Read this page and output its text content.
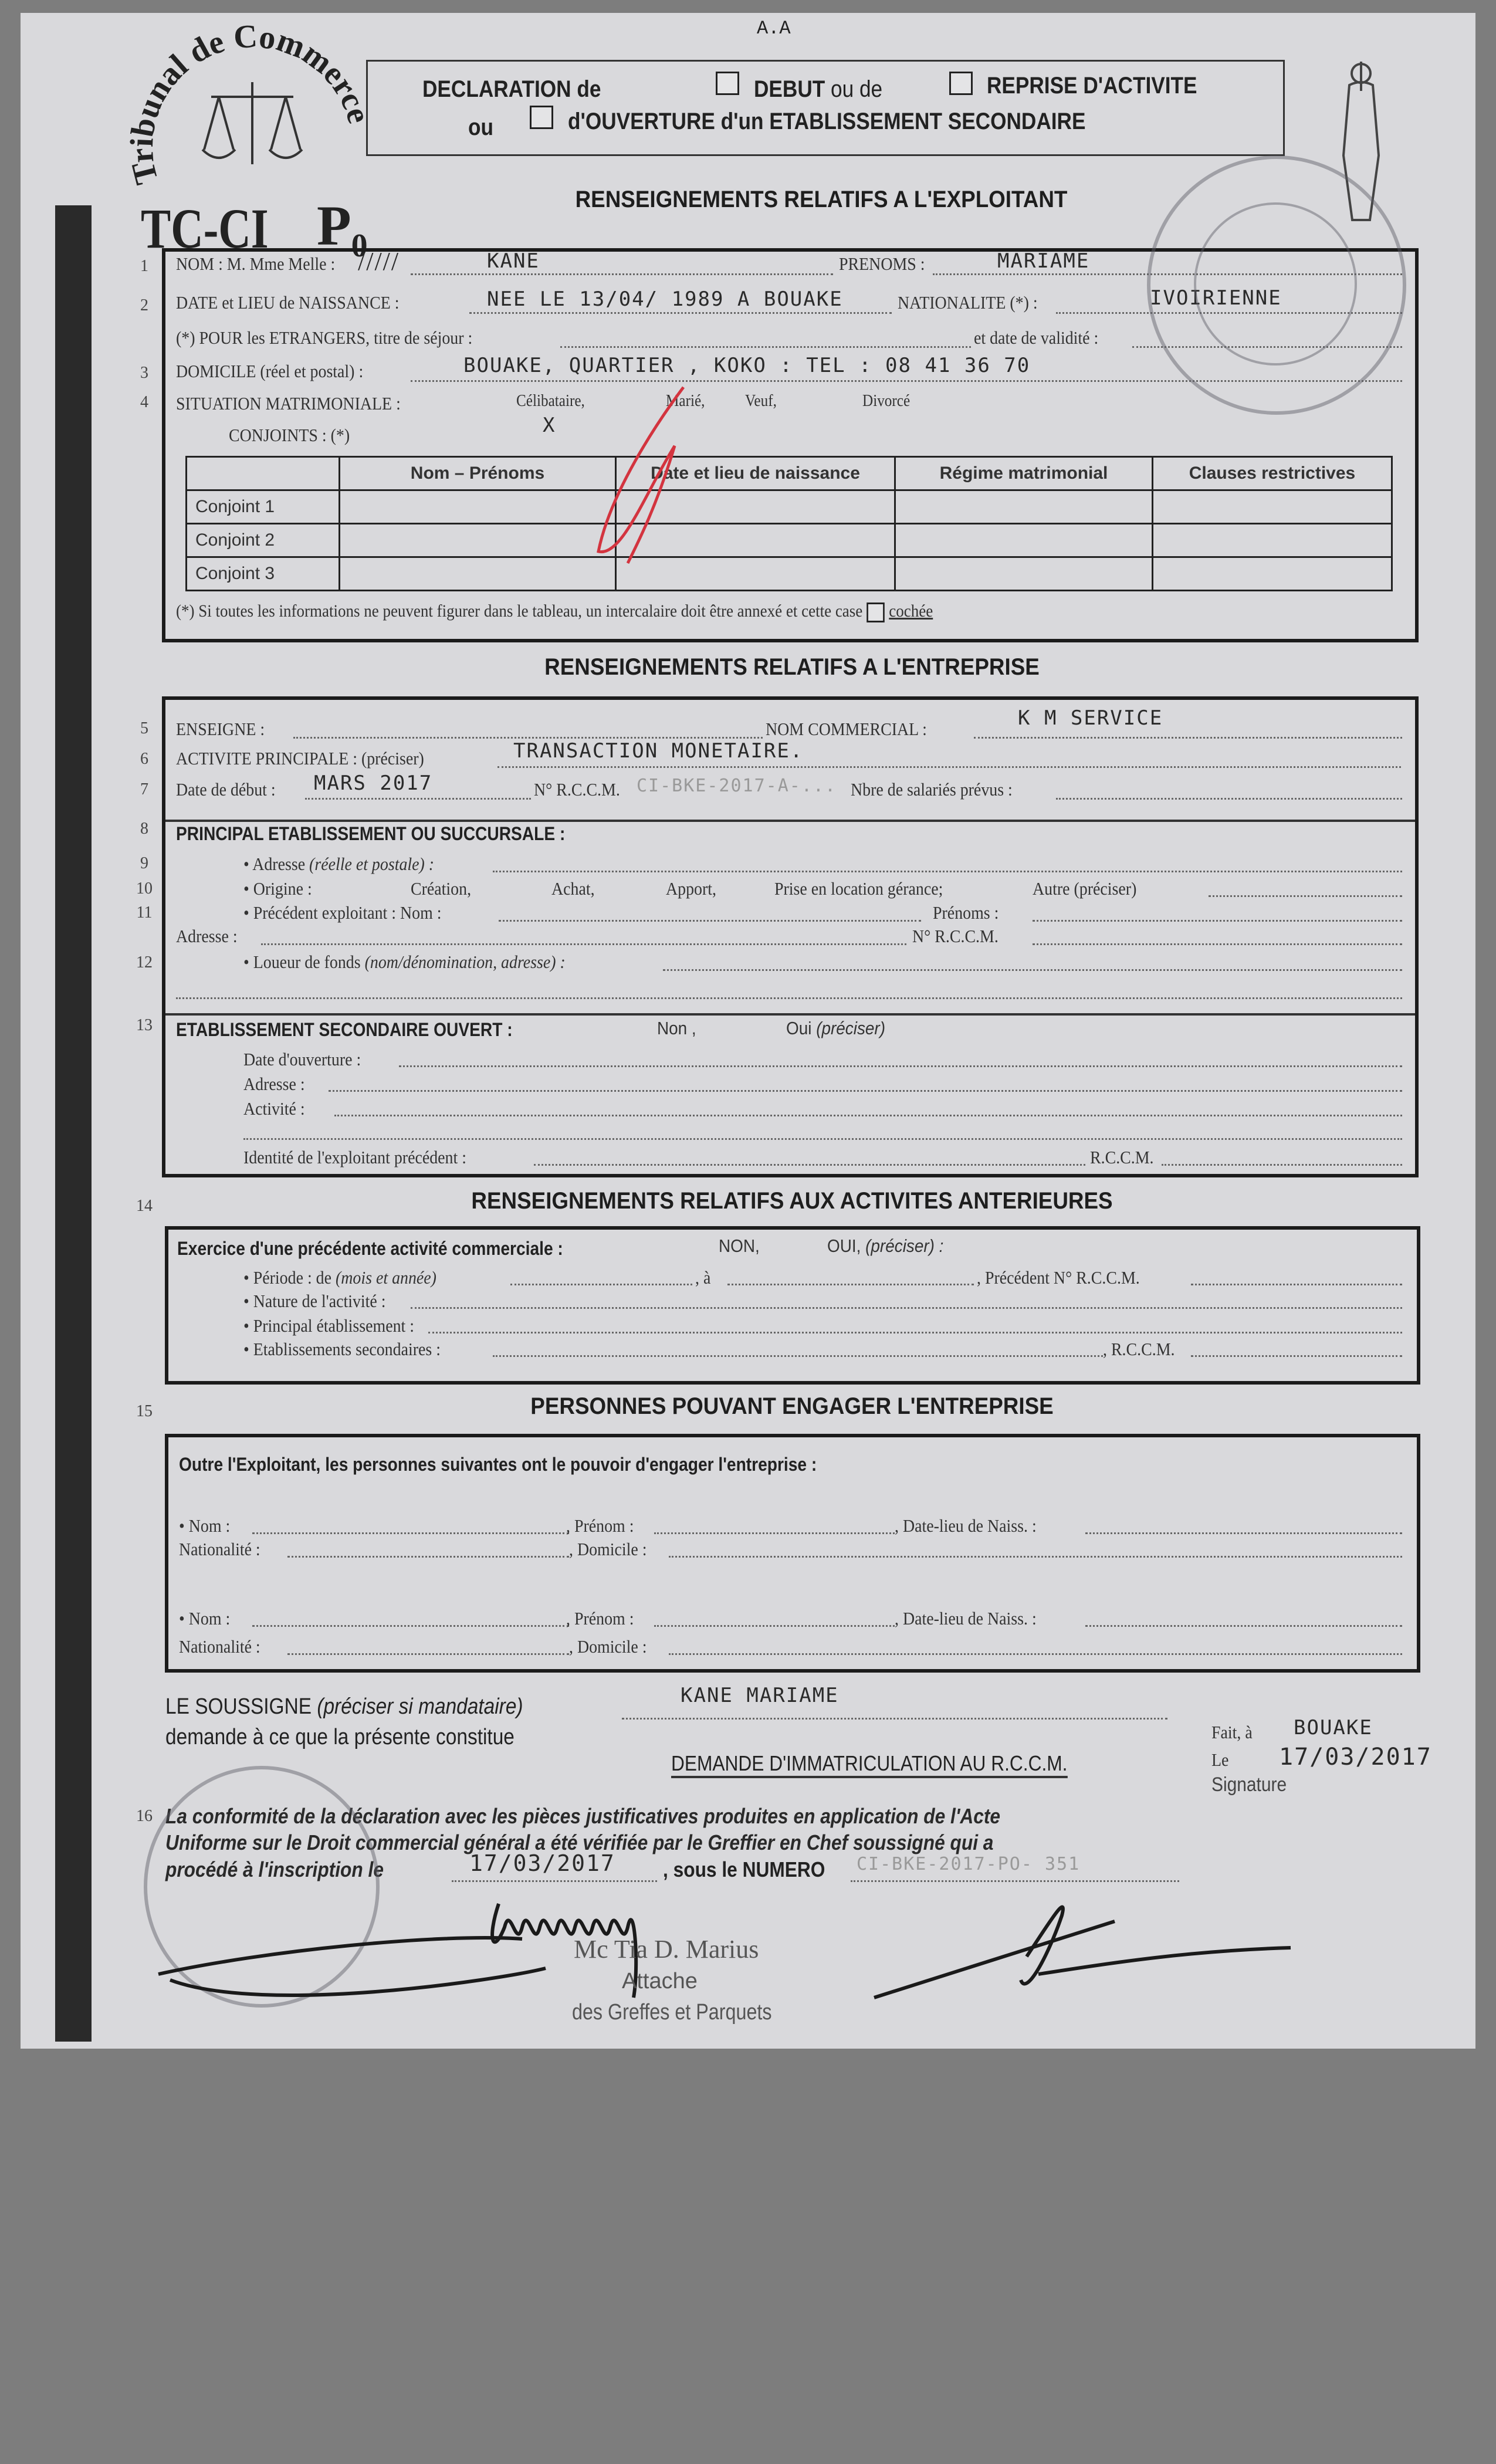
1
2
3
4
5
6
7
8
9
10
11
12
13
14
15
16
A.A
Tribunal de Commerce
TC-CI $P_0$
DECLARATION de	DEBUT ou de	REPRISE D'ACTIVITE
ou	d'OUVERTURE d'un ETABLISSEMENT SECONDAIRE
RENSEIGNEMENTS RELATIFS A L'EXPLOITANT
NOM : M. Mme Melle : /////	KANE	PRENOMS :	MARIAME
DATE et LIEU de NAISSANCE :	NEE LE 13/04/ 1989 A BOUAKE	NATIONALITE (*) :	IVOIRIENNE
(*) POUR les ETRANGERS, titre de séjour :	et date de validité :
DOMICILE (réel et postal) :	BOUAKE, QUARTIER , KOKO : TEL : 08 41 36 70
SITUATION MATRIMONIALE :	Célibataire,	Marié, Veuf,	Divorcé
X
CONJOINTS : (*)
	Nom – Prénoms	Date et lieu de naissance	Régime matrimonial	Clauses restrictives
Conjoint 1				
Conjoint 2				
Conjoint 3				
(*) Si toutes les informations ne peuvent figurer dans le tableau, un intercalaire doit être annexé et cette case cochée
RENSEIGNEMENTS RELATIFS A L'ENTREPRISE
ENSEIGNE :	NOM COMMERCIAL :	K M SERVICE
ACTIVITE PRINCIPALE : (préciser)	TRANSACTION MONETAIRE.
Date de début : MARS 2017	N° R.C.C.M. CI-BKE-2017-A-... Nbre de salariés prévus :
PRINCIPAL ETABLISSEMENT OU SUCCURSALE :
• Adresse (réelle et postale) :
• Origine :	Création,	Achat,	Apport,	Prise en location gérance;	Autre (préciser)
• Précédent exploitant : Nom :	Prénoms :
Adresse :	N° R.C.C.M.
• Loueur de fonds (nom/dénomination, adresse) :
ETABLISSEMENT SECONDAIRE OUVERT :	Non ,	Oui (préciser)
Date d'ouverture :
Adresse :
Activité :
Identité de l'exploitant précédent :	R.C.C.M.
RENSEIGNEMENTS RELATIFS AUX ACTIVITES ANTERIEURES
Exercice d'une précédente activité commerciale :	NON,	OUI, (préciser) :
• Période : de (mois et année)	, à	, Précédent N° R.C.C.M.
• Nature de l'activité :
• Principal établissement :
• Etablissements secondaires :	, R.C.C.M.
PERSONNES POUVANT ENGAGER L'ENTREPRISE
Outre l'Exploitant, les personnes suivantes ont le pouvoir d'engager l'entreprise :
• Nom :	, Prénom :	, Date-lieu de Naiss. :
Nationalité :	, Domicile :
• Nom :	, Prénom :	, Date-lieu de Naiss. :
Nationalité :	, Domicile :
LE SOUSSIGNE (préciser si mandataire)	KANE MARIAME
demande à ce que la présente constitue
DEMANDE D'IMMATRICULATION AU R.C.C.M.
Fait, à BOUAKE
Le 17/03/2017
Signature
La conformité de la déclaration avec les pièces justificatives produites en application de l'Acte
Uniforme sur le Droit commercial général a été vérifiée par le Greffier en Chef soussigné qui a
procédé à l'inscription le	17/03/2017 , sous le NUMERO CI-BKE-2017-PO- 351
Mc Tia D. Marius
Attache
des Greffes et Parquets
